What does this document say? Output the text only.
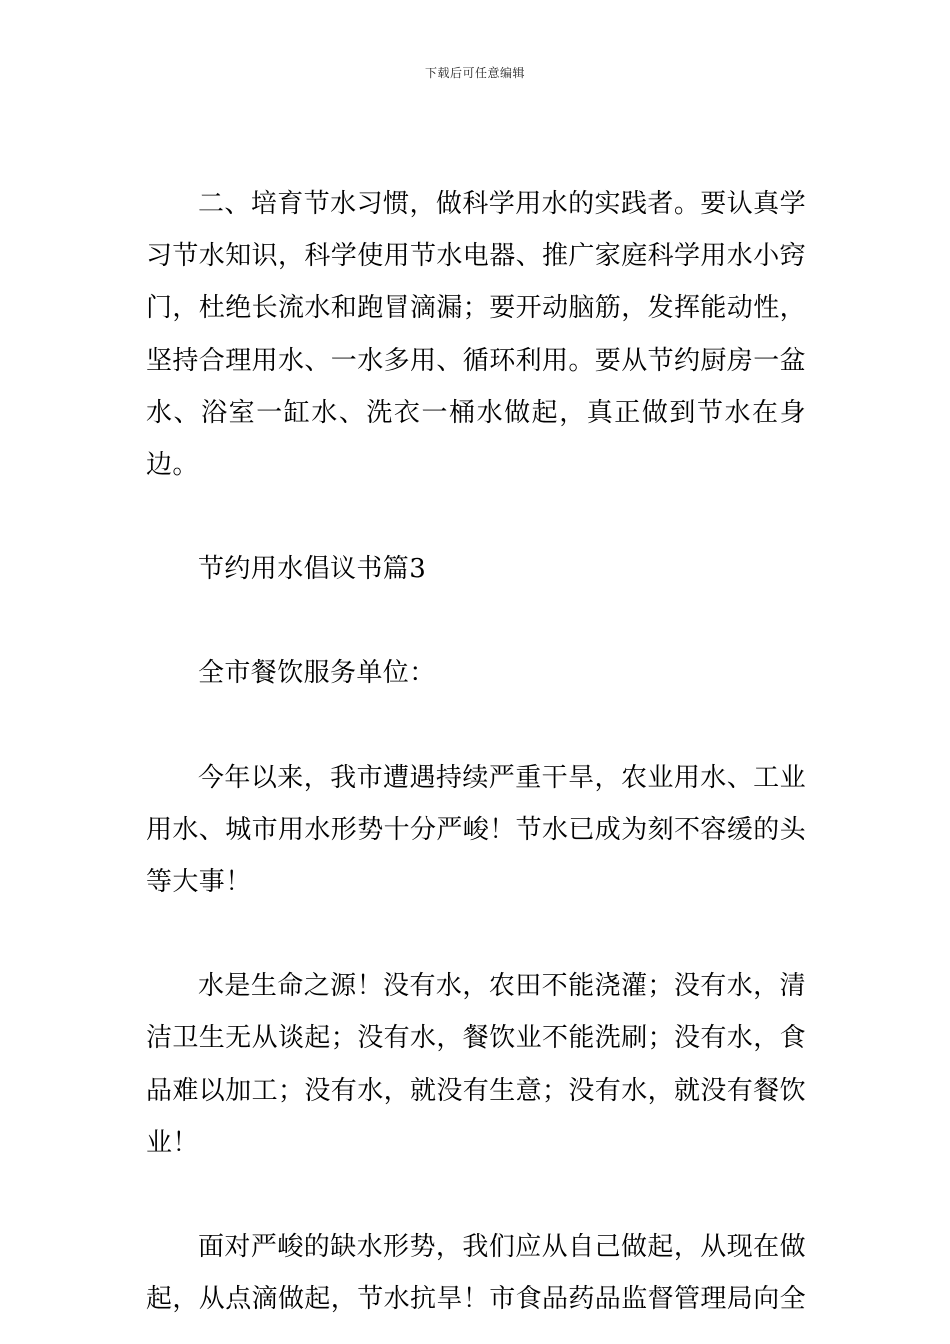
下载后可任意编辑

二、培育节水习惯，做科学用水的实践者。要认真学习节水知识，科学使用节水电器、推广家庭科学用水小窍门，杜绝长流水和跑冒滴漏；要开动脑筋，发挥能动性，坚持合理用水、一水多用、循环利用。要从节约厨房一盆水、浴室一缸水、洗衣一桶水做起，真正做到节水在身边。

节约用水倡议书篇3

全市餐饮服务单位：

今年以来，我市遭遇持续严重干旱，农业用水、工业用水、城市用水形势十分严峻！节水已成为刻不容缓的头等大事！

水是生命之源！没有水，农田不能浇灌；没有水，清洁卫生无从谈起；没有水，餐饮业不能洗刷；没有水，食品难以加工；没有水，就没有生意；没有水，就没有餐饮业！

面对严峻的缺水形势，我们应从自己做起，从现在做起，从点滴做起，节水抗旱！市食品药品监督管理局向全
